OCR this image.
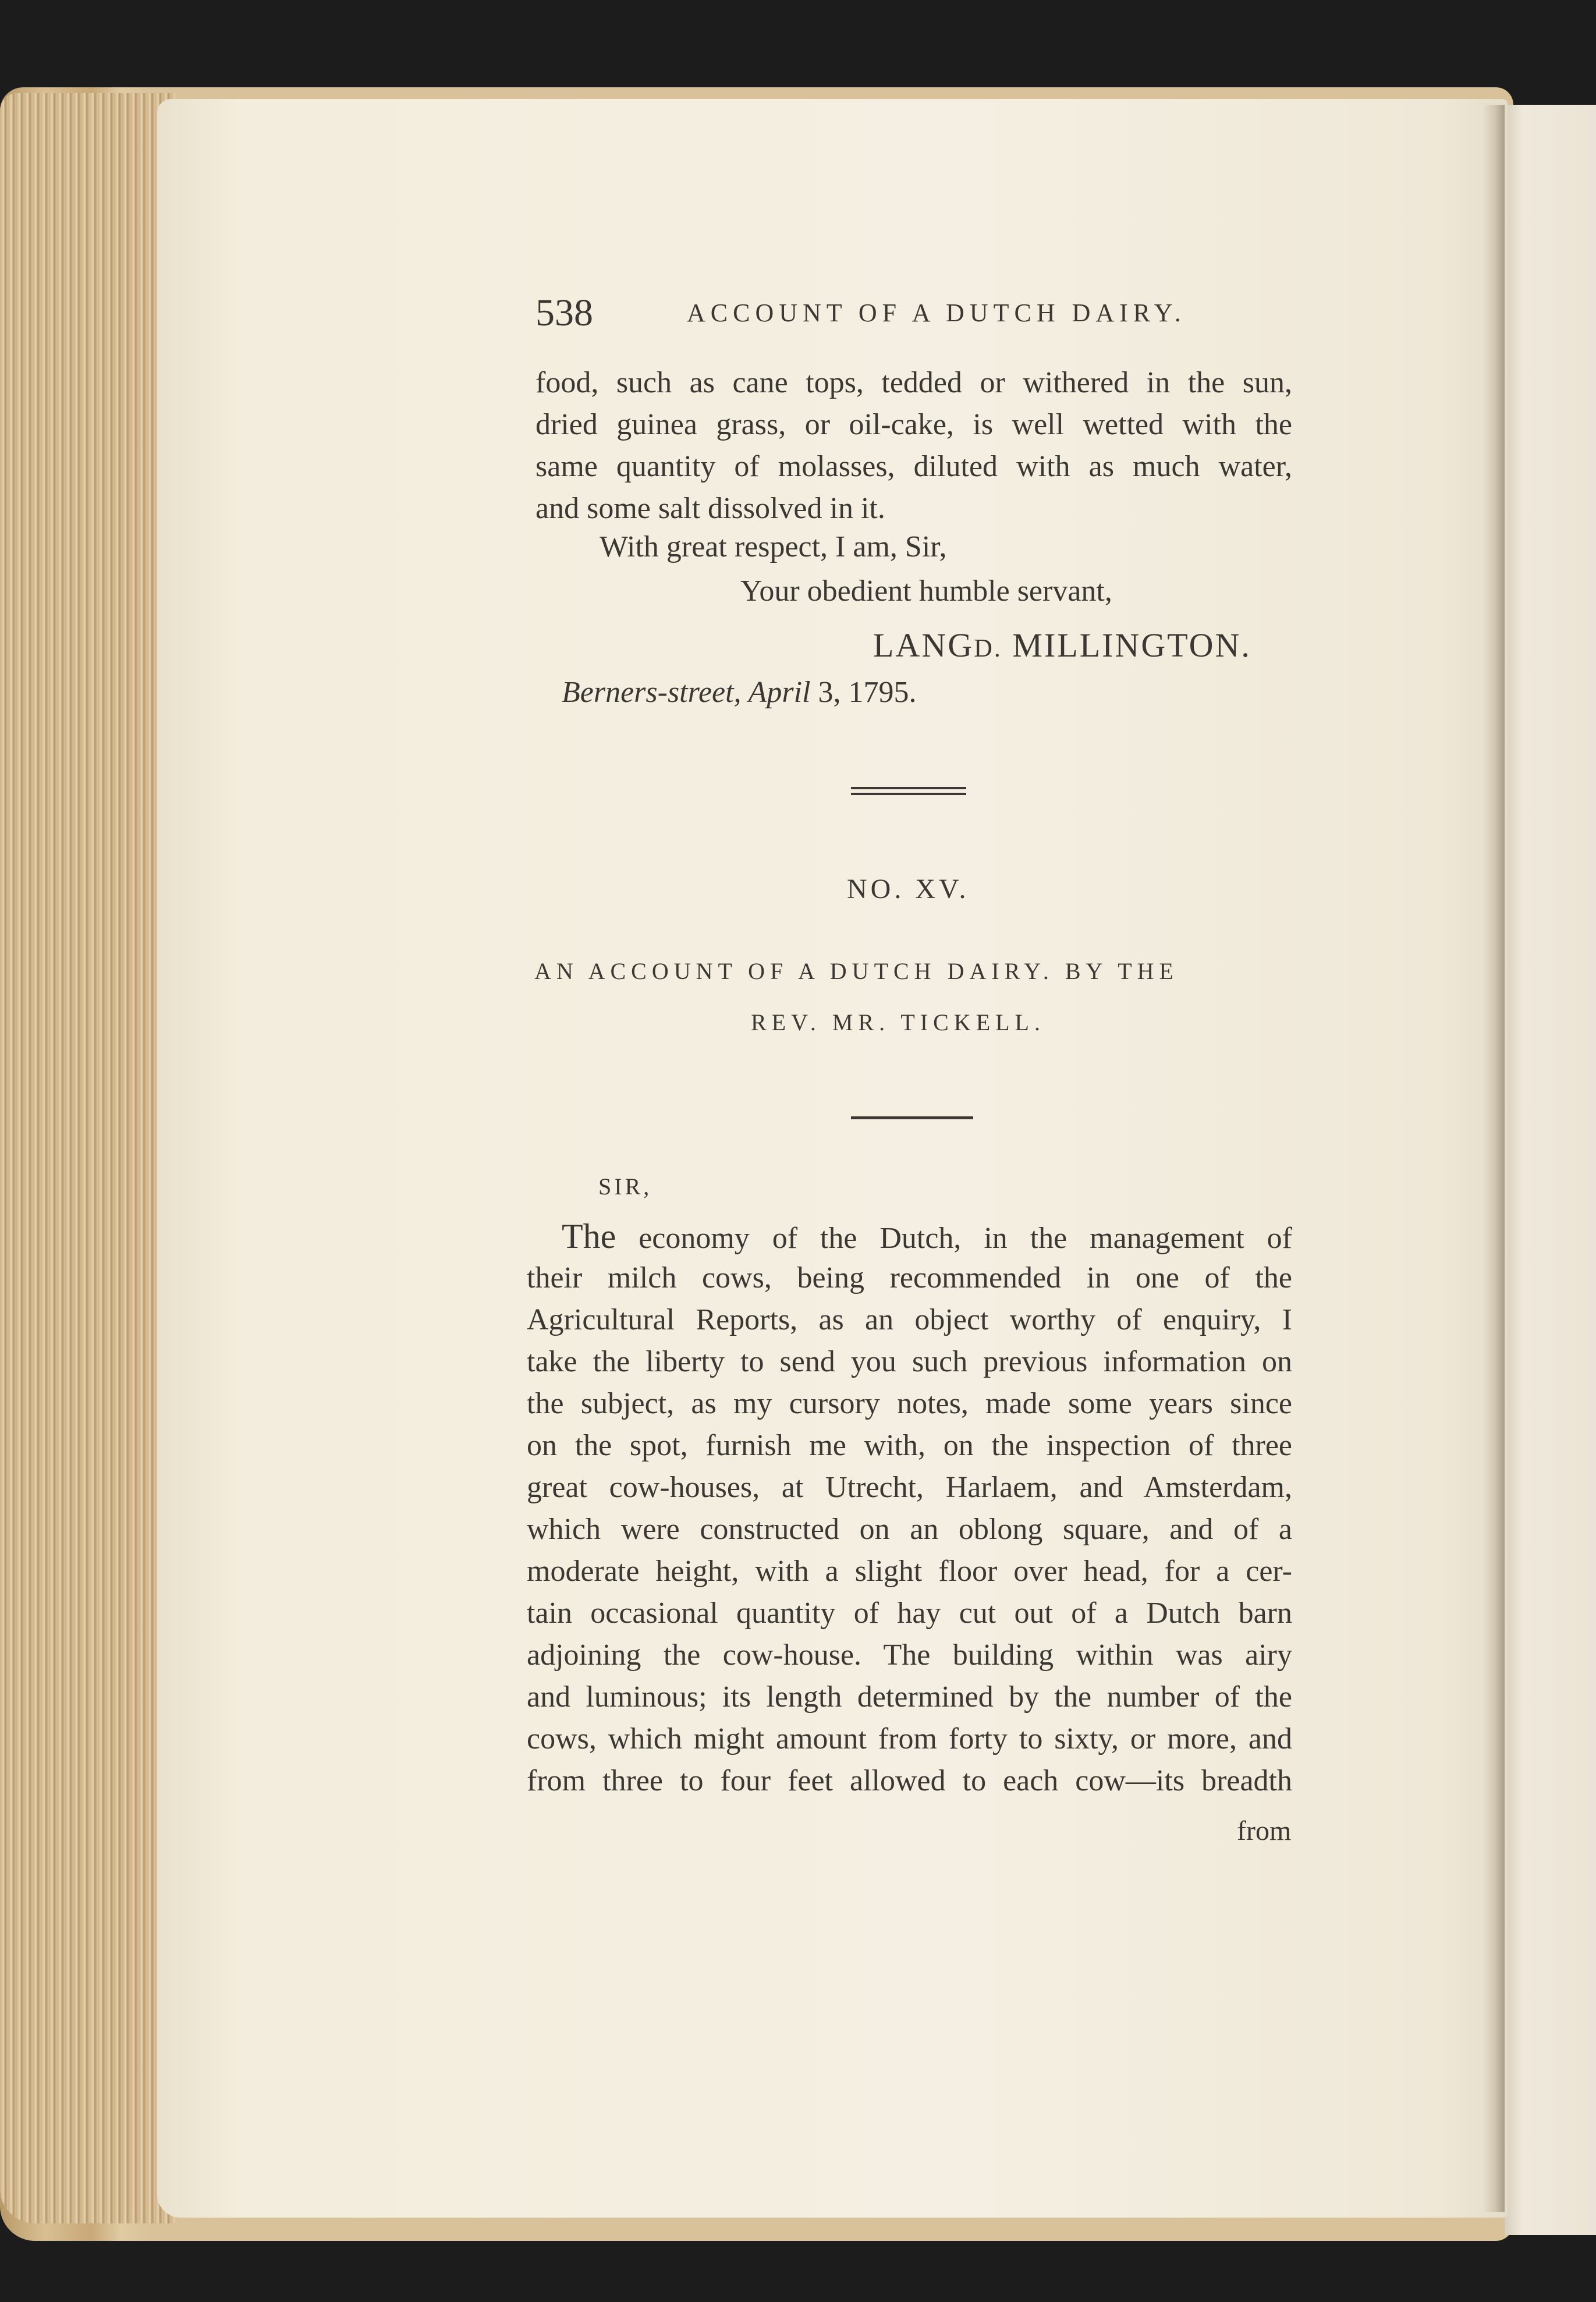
538	ACCOUNT OF A DUTCH DAIRY.
food, such as cane tops, tedded or withered in the sun,
dried guinea grass, or oil-cake, is well wetted with the
same quantity of molasses, diluted with as much water,
and some salt dissolved in it.
With great respect, I am, Sir,
Your obedient humble servant,
LANGD. MILLINGTON.
Berners-street, April 3, 1795.
NO. XV.
AN ACCOUNT OF A DUTCH DAIRY. BY THE
REV. MR. TICKELL.
SIR,
The economy of the Dutch, in the management of
their milch cows, being recommended in one of the
Agricultural Reports, as an object worthy of enquiry, I
take the liberty to send you such previous information on
the subject, as my cursory notes, made some years since
on the spot, furnish me with, on the inspection of three
great cow-houses, at Utrecht, Harlaem, and Amsterdam,
which were constructed on an oblong square, and of a
moderate height, with a slight floor over head, for a cer-
tain occasional quantity of hay cut out of a Dutch barn
adjoining the cow-house. The building within was airy
and luminous; its length determined by the number of the
cows, which might amount from forty to sixty, or more, and
from three to four feet allowed to each cow—its breadth
from
